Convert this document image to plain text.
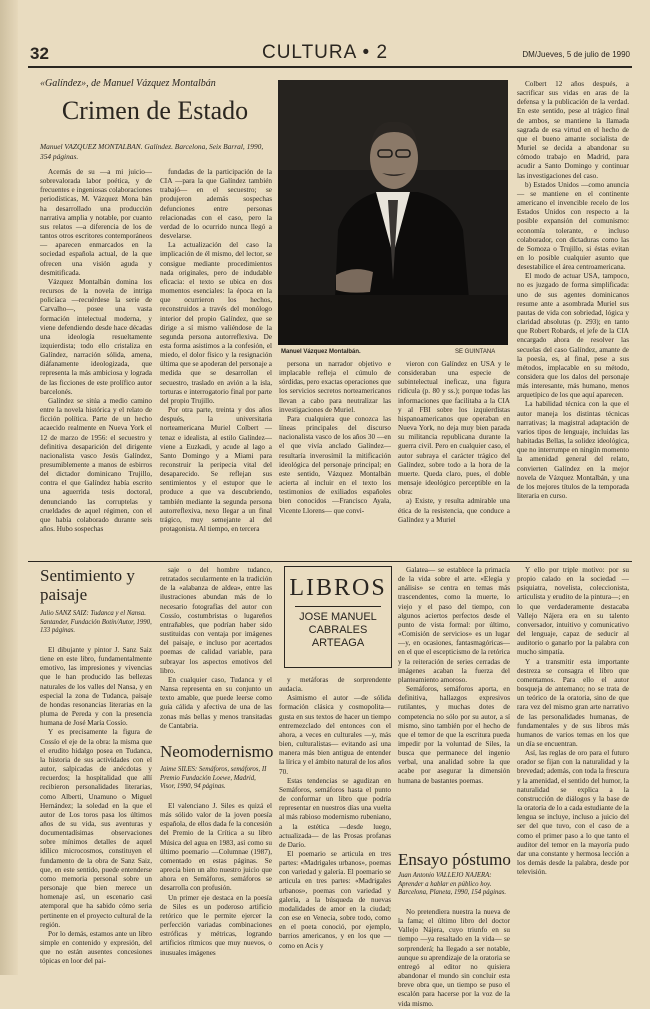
32	CULTURA • 2	DM/Jueves, 5 de julio de 1990
«Galíndez», de Manuel Vázquez Montalbán
Crimen de Estado
Manuel VAZQUEZ MONTALBAN. Galíndez. Barcelona, Seix Barral, 1990, 354 páginas.

Acemás de su —a mi juicio— sobrevalorada labor poética, y de frecuentes e ingeniosas colaboraciones periodísticas, M. Vázquez Mona bán ha desarrollado una producción narrativa amplia y notable, por cuanto sus relatos —a diferencia de los de tantos otros escritores contemporáneos— aparecen enmarcados en la sociedad española actual, de la que ofrecen una visión aguda y desmitificada.

Vázquez Montalbán domina los recursos de la novela de intriga policíaca —recuérdese la serie de Carvalho—, posee una vasta formación intelectual moderna, y viene defendiendo desde hace décadas una ideología resueltamente izquierdista; todo ello cristaliza en Galíndez, narración sólida, amena, diáfanamente ideologizada, que representa la más ambiciosa y lograda de las ficciones de este prolífico autor barcelonés.

Galíndez se sitúa a medio camino entre la novela histórica y el relato de ficción política. Parte de un hecho acaecido realmente en Nueva York el 12 de marzo de 1956: el secuestro y definitiva desaparición del dirigente nacionalista vasco Jesús Galíndez, presumiblemente a manos de esbirros del dictador dominicano Trujillo, contra el que Galíndez había escrito una aguerrida tesis doctoral, denunciando las corruptelas y crueldades de aquel régimen, con el que había colaborado durante seis años. Hubo sospechas

fundadas de la participación de la CIA —para la que Galíndez también trabajó— en el secuestro; se produjeron además sospechas defunciones entre personas relacionadas con el caso, pero la verdad de lo ocurrido nunca llegó a desvelarse.

La actualización del caso la implicación de él mismo, del lector, se consigue mediante procedimientos nada originales, pero de indudable eficacia: el texto se ubica en dos momentos esenciales: la época en la que ocurrieron los hechos, reconstruidos a través del monólogo interior del propio Galíndez, que se dirige a sí mismo valiéndose de la segunda persona autorreflexiva. De esta forma asistimos a la confesión, el miedo, el dolor físico y la resignación última que se apoderan del personaje a medida que se desarrollan el secuestro, traslado en avión a la isla, torturas e interrogatorio final por parte del propio Trujillo.

Por otra parte, treinta y dos años después, la universitaria norteamericana Muriel Colbert —tenaz e idealista, al estilo Galíndez— viene a Euzkadi, y acude al lago a Santo Domingo y a Miami para reconstruir la peripecia vital del desaparecido. Se reflejan sus sentimientos y el estupor que le produce a que va descubriendo, también mediante la segunda persona autorreflexiva, nexo llegar a un final trágico, muy semejante al del protagonista. Al tiempo, en tercera

Manuel Vázquez Montalbán.	SE GUINTANA

persona un narrador objetivo e implacable refleja el cúmulo de sórdidas, pero exactas operaciones que los servicios secretos norteamericanos llevan a cabo para neutralizar las investigaciones de Muriel.

Para cualquiera que conozca las líneas principales del discurso nacionalista vasco de los años 30 —en el que vivía anclado Galíndez— resultaría inverosímil la mitificación ideológica del personaje principal; en este sentido, Vázquez Montalbán acierta al incluir en el texto los testimonios de exiliados españoles bien conocidos —Francisco Ayala, Vicente Llorens— que convi-

vieron con Galíndez en USA y le consideraban una especie de subintelectual ineficaz, una figura ridícula (p. 80 y ss.); porque todas las informaciones que facilitaba a la CIA y al FBI sobre los izquierdistas hispanoamericanos que operaban en Nueva York, no deja muy bien parada su militancia republicana durante la guerra civil. Pero en cualquier caso, el autor subraya el carácter trágico del Galíndez, sobre todo a la hora de la muerte. Queda claro, pues, el doble mensaje ideológico perceptible en la obra:

a) Existe, y resulta admirable una ética de la resistencia, que conduce a Galíndez y a Muriel

Colbert 12 años después, a sacrificar sus vidas en aras de la defensa y la publicación de la verdad. En este sentido, pese al trágico final de ambos, se mantiene la llamada sagrada de esa virtud en el hecho de que el bueno amante socialista de Muriel se decida a abandonar su cómodo trabajo en Madrid, para acudir a Santo Domingo y continuar las investigaciones del caso.

b) Estados Unidos —como anuncia— se mantiene en el continente americano el invencible recelo de los Estados Unidos con respecto a la posible expansión del comunismo: economía tolerante, e incluso colaborador, con dictaduras como las de Somoza o Trujillo, si éstas evitan en lo posible cualquier asunto que desestabilice el área centroamericana.

El modo de actuar USA, tampoco, no es juzgado de forma simplificada: uno de sus agentes dominicanos resume ante a asombrada Muriel sus pautas de vida con sobriedad, lógica y claridad absolutas (p. 293); en tanto que Robert Robards, el jefe de la CIA encargado ahora de resolver las secuelas del caso Galíndez, amante de la poesía, es, al final, pese a sus métodos, implacable en su método, considera que los dalos del personaje más interesante, más humano, menos arquetípico de los que aquí aparecen.

La habilidad técnica con la que el autor maneja los distintas técnicas narrativas; la magistral adaptación de varios tipos de lenguaje, incluidas las habitadas Bellas, la solidez ideológica, que no interrumpe en ningún momento la amenidad general del relato, convierten Galíndez en la mejor novela de Vázquez Montalbán, y una de los mejores títulos de la temporada literaria en curso.

Sentimiento y paisaje
Julio SANZ SAIZ: Tudanca y el Nansa. Santander, Fundación Botín/Autor, 1990, 133 páginas.

El dibujante y pintor J. Sanz Saiz tiene en este libro, fundamentalmente emotivo, las impresiones y vivencias que le han producido las bellezas naturales de los valles del Nansa, y en especial la zona de Tudanca, paisaje de hondas resonancias literarias en la pluma de Pereda y con la presencia humana de José María Cossío.

Y es precisamente la figura de Cossío el eje de la obra: la misma que el erudito hidalgo posea en Tudanca, la historia de sus actividades con el autor, salpicadas de anécdotas y recuerdos; la hospitalidad que allí recibieron personalidades literarias, como Alberti, Unamuno o Miguel Hernández; la soledad en la que el autor de Los toros pasa los últimos años de su vida, sus aventuras y documentadísimas observaciones sobre mínimos detalles de aquel idílico microcosmos, constituyen el fundamento de la obra de Sanz Saiz, que, en este sentido, puede entenderse como memoria personal sobre un personaje que bien merece un homenaje así, un escenario casi atemporal que ha sabido cómo seria pertinente en el proyecto cultural de la región.

Por lo demás, estamos ante un libro simple en contenido y expresión, del que no están ausentes concesiones tópicas en loor del pai-

saje o del hombre tudanco, retratados secularmente en la tradición de la «alabanza de aldea», entre las ilustraciones abundan más de lo necesario fotografías del autor con Cossío, costumbristas o lugareños entrañables, que podrían haber sido sustituidas con ventaja por imágenes del paisaje, e incluso por acertados poemas de calidad variable, para subrayar los aspectos emotivos del libro.

En cualquier caso, Tudanca y el Nansa representa en su conjunto un texto amable, que puede leerse como guía cálida y afectiva de una de las zonas más bellas y menos transitadas de Cantabria.

Neomodernismo
Jaime SILES: Semáforos, semáforos, II Premio Fundación Loewe, Madrid, Visor, 1990, 94 páginas.

El valenciano J. Siles es quizá el más sólido valor de la joven poesía española, de ellos dada fe la concesión del Premio de la Crítica a su libro Música del agua en 1983, así como su último poemario —Columnae (1987), comentado en estas páginas. Se aprecia bien un alto nuestro juicio que ahora en Semáforos, semáforos se desarrolla con profusión.

Un primer eje destaca en la poesía de Siles es un poderoso artificio retórico que le permite ejercer la perfección variadas combinaciones estróficas y métricas, logrando artificios rítmicos que muy nuevos, o inusuales imágenes

LIBROS
JOSE MANUEL CABRALES ARTEAGA

y metáforas de sorprendente audacia.

Asimismo el autor —de sólida formación clásica y cosmopolita— gusta en sus textos de hacer un tiempo entremezclado del entonces con el ahora, a veces en culturales —y, más bien, culturalistas— evitando así una manera más bien antigua de entender la lírica y el ámbito natural de los años 70.

Estas tendencias se agudizan en Semáforos, semáforos hasta el punto de conformar un libro que podría representar en nuestros días una vuelta al más rabioso modernismo rubeniano, a la estética —desde luego, actualizada— de las Prosas profanas de Darío.

El poemario se articula en tres partes: «Madrigales urbanos», poemas con variedad y galería. El poemario se articula en tres partes: «Madrigales urbanos», poemas con variedad y galería, a la búsqueda de nuevas modalidades de amor en la ciudad; con ese en Venecia, sobre todo, como en el poeta conoció, por ejemplo, barrios americanos, y en los que —como en Acis y

Galatea— se establece la primacía de la vida sobre el arte. «Elegía y análisis» se centra en temas más trascendentes, como la muerte, lo viejo y el paso del tiempo, con algunos aciertos perfectos desde el punto de vista formal: por último, «Comisión de servicios» es un lugar —y, en ocasiones, fantasmagóricas— en el que el escepticismo de la retórica y la reiteración de series cerradas de imágenes acaban la fuerza del planteamiento amoroso.

Semáforos, semáforos aporta, en definitiva, hallazgos expresivos rutilantes, y muchas dotes de competencia no sólo por su autor, a sí mismo, sino también por el hecho de que el temor de que la escritura pueda impedir por la voluntad de Siles, la busca que permanece del ingenio verbal, una analidad sobre la que acabe por asegurar la dimensión humana de bastantes poemas.

Ensayo póstumo
Juan Antonio VALLEJO NAJERA: Aprender a hablar en público hoy. Barcelona, Planeta, 1990, 154 páginas.

No pretendiera nuestra la nueva de la fama; el último libro del doctor Vallejo Nájera, cuyo triunfo en su tiempo —ya resaltado en la vida— se sorprenderá; ha llegado a ser notable, aunque su aprendizaje de la oratoria se entregó al editor no quisiera abandonar el mundo sin concluir esta breve obra que, un tiempo se puso el escalón para hacerse por la voz de la vida mismo.

Y ello por triple motivo: por su propio calado en la sociedad —psiquiatra, novelista, coleccionista, articulista y erudito de la pintura—; en lo que verdaderamente destacaba Vallejo Nájera era en su talento conversador, intuitivo y comunicativo del lenguaje, capaz de seducir al auditorio o ganarlo por la palabra con mucho simpatía.

Y a transmitir esta importante destreza se consagra el libro que comentamos. Para ello el autor bosqueja de antemano; no se trata de un teórico de la oratoria, sino de que rara vez del mismo gran arte narrativo de las personalidades humanas, de fundamentales y de sus libros más humanos de varios temas en los que un día se encuentran.

Así, las reglas de oro para el futuro orador se fijan con la naturalidad y la brevedad; además, con toda la frescura y la amenidad, el sentido del humor, la naturalidad se explica a la construcción de diálogos y la base de la oratoria de lo a cada estudiante de la lengua se incluye, incluso a juicio del ser del que tuvo, con el caso de a como el primer paso a lo que tanto el auditor del temor en la mayoría pudo dar una constante y hermosa lección a los demás desde la palabra, desde por televisión.
